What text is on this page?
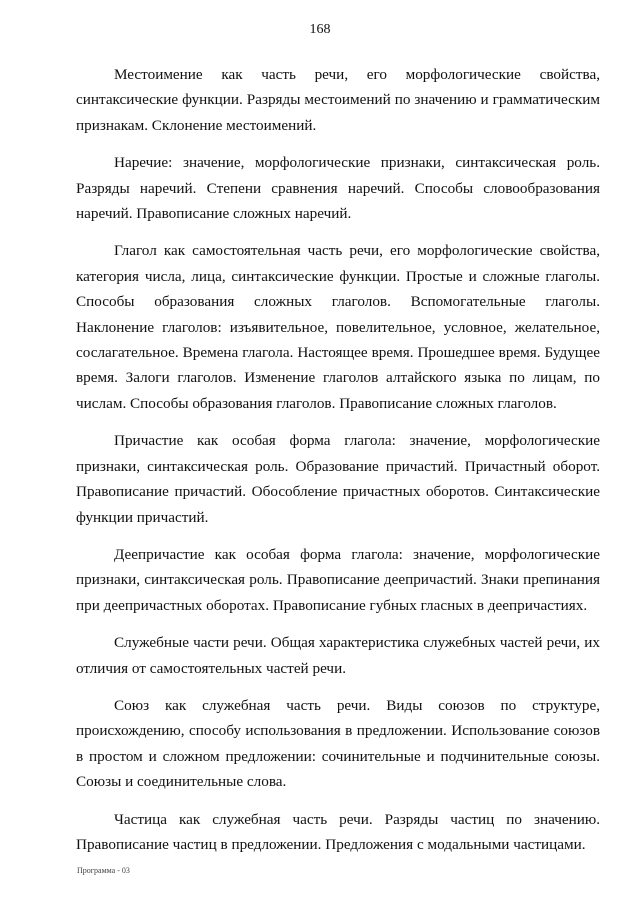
168

Местоимение как часть речи, его морфологические свойства, синтаксические функции. Разряды местоимений по значению и грамматическим признакам. Склонение местоимений.

Наречие: значение, морфологические признаки, синтаксическая роль. Разряды наречий. Степени сравнения наречий. Способы словообразования наречий. Правописание сложных наречий.

Глагол как самостоятельная часть речи, его морфологические свойства, категория числа, лица, синтаксические функции. Простые и сложные глаголы. Способы образования сложных глаголов. Вспомогательные глаголы. Наклонение глаголов: изъявительное, повелительное, условное, желательное, сослагательное. Времена глагола. Настоящее время. Прошедшее время. Будущее время. Залоги глаголов. Изменение глаголов алтайского языка по лицам, по числам. Способы образования глаголов. Правописание сложных глаголов.

Причастие как особая форма глагола: значение, морфологические признаки, синтаксическая роль. Образование причастий. Причастный оборот. Правописание причастий. Обособление причастных оборотов. Синтаксические функции причастий.

Деепричастие как особая форма глагола: значение, морфологические признаки, синтаксическая роль. Правописание деепричастий. Знаки препинания при деепричастных оборотах. Правописание губных гласных в деепричастиях.

Служебные части речи. Общая характеристика служебных частей речи, их отличия от самостоятельных частей речи.

Союз как служебная часть речи. Виды союзов по структуре, происхождению, способу использования в предложении. Использование союзов в простом и сложном предложении: сочинительные и подчинительные союзы. Союзы и соединительные слова.

Частица как служебная часть речи. Разряды частиц по значению. Правописание частиц в предложении. Предложения с модальными частицами.

Программа - 03
